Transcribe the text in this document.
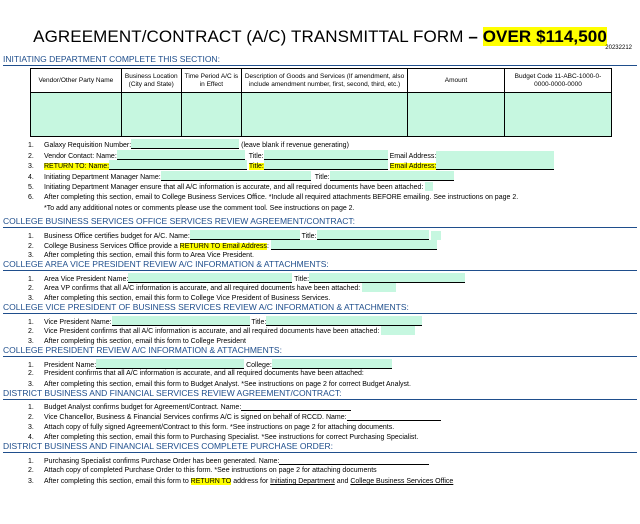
AGREEMENT/CONTRACT (A/C) TRANSMITTAL FORM – OVER $114,500
20232212
INITIATING DEPARTMENT COMPLETE THIS SECTION:
Vendor/Other Party Name	Business Location (City and State)	Time Period A/C is in Effect	Description of Goods and Services (If amendment, also include amendment number, first, second, third, etc.)	Amount	Budget Code 11-ABC-1000-0-0000-0000-0000

1. Galaxy Requisition Number:	(leave blank if revenue generating)
2. Vendor Contact: Name:	Title:	Email Address:
3. RETURN TO: Name:	Title:	Email Address:
4. Initiating Department Manager Name:	Title:
5. Initiating Department Manager ensure that all A/C information is accurate, and all required documents have been attached:
6. After completing this section, email to College Business Services Office. *Include all required attachments BEFORE emailing. See instructions on page 2.
*To add any additional notes or comments please use the comment tool. See instructions on page 2.
COLLEGE BUSINESS SERVICES OFFICE SERVICES REVIEW AGREEMENT/CONTRACT:
1. Business Office certifies budget for A/C. Name:	Title:
2. College Business Services Office provide a RETURN TO Email Address:
3. After completing this section, email this form to Area Vice President.
COLLEGE AREA VICE PRESIDENT REVIEW A/C INFORMATION & ATTACHMENTS:
1. Area Vice President Name:	Title:
2. Area VP confirms that all A/C information is accurate, and all required documents have been attached:
3. After completing this section, email this form to College Vice President of Business Services.
COLLEGE VICE PRESIDENT OF BUSINESS SERVICES REVIEW A/C INFORMATION & ATTACHMENTS:
1. Vice President Name:	Title:
2. Vice President confirms that all A/C information is accurate, and all required documents have been attached:
3. After completing this section, email this form to College President
COLLEGE PRESIDENT REVIEW A/C INFORMATION & ATTACHMENTS:
1. President Name:	College:
2. President confirms that all A/C information is accurate, and all required documents have been attached:
3. After completing this section, email this form to Budget Analyst. *See instructions on page 2 for correct Budget Analyst.
DISTRICT BUSINESS AND FINANCIAL SERVICES REVIEW AGREEMENT/CONTRACT:
1. Budget Analyst confirms budget for Agreement/Contract. Name:
2. Vice Chancellor, Business & Financial Services confirms A/C is signed on behalf of RCCD. Name:
3. Attach copy of fully signed Agreement/Contract to this form. *See instructions on page 2 for attaching documents.
4. After completing this section, email this form to Purchasing Specialist. *See instructions for correct Purchasing Specialist.
DISTRICT BUSINESS AND FINANCIAL SERVICES COMPLETE PURCHASE ORDER:
1. Purchasing Specialist confirms Purchase Order has been generated. Name:
2. Attach copy of completed Purchase Order to this form. *See instructions on page 2 for attaching documents
3. After completing this section, email this form to RETURN TO address for Initiating Department and College Business Services Office
